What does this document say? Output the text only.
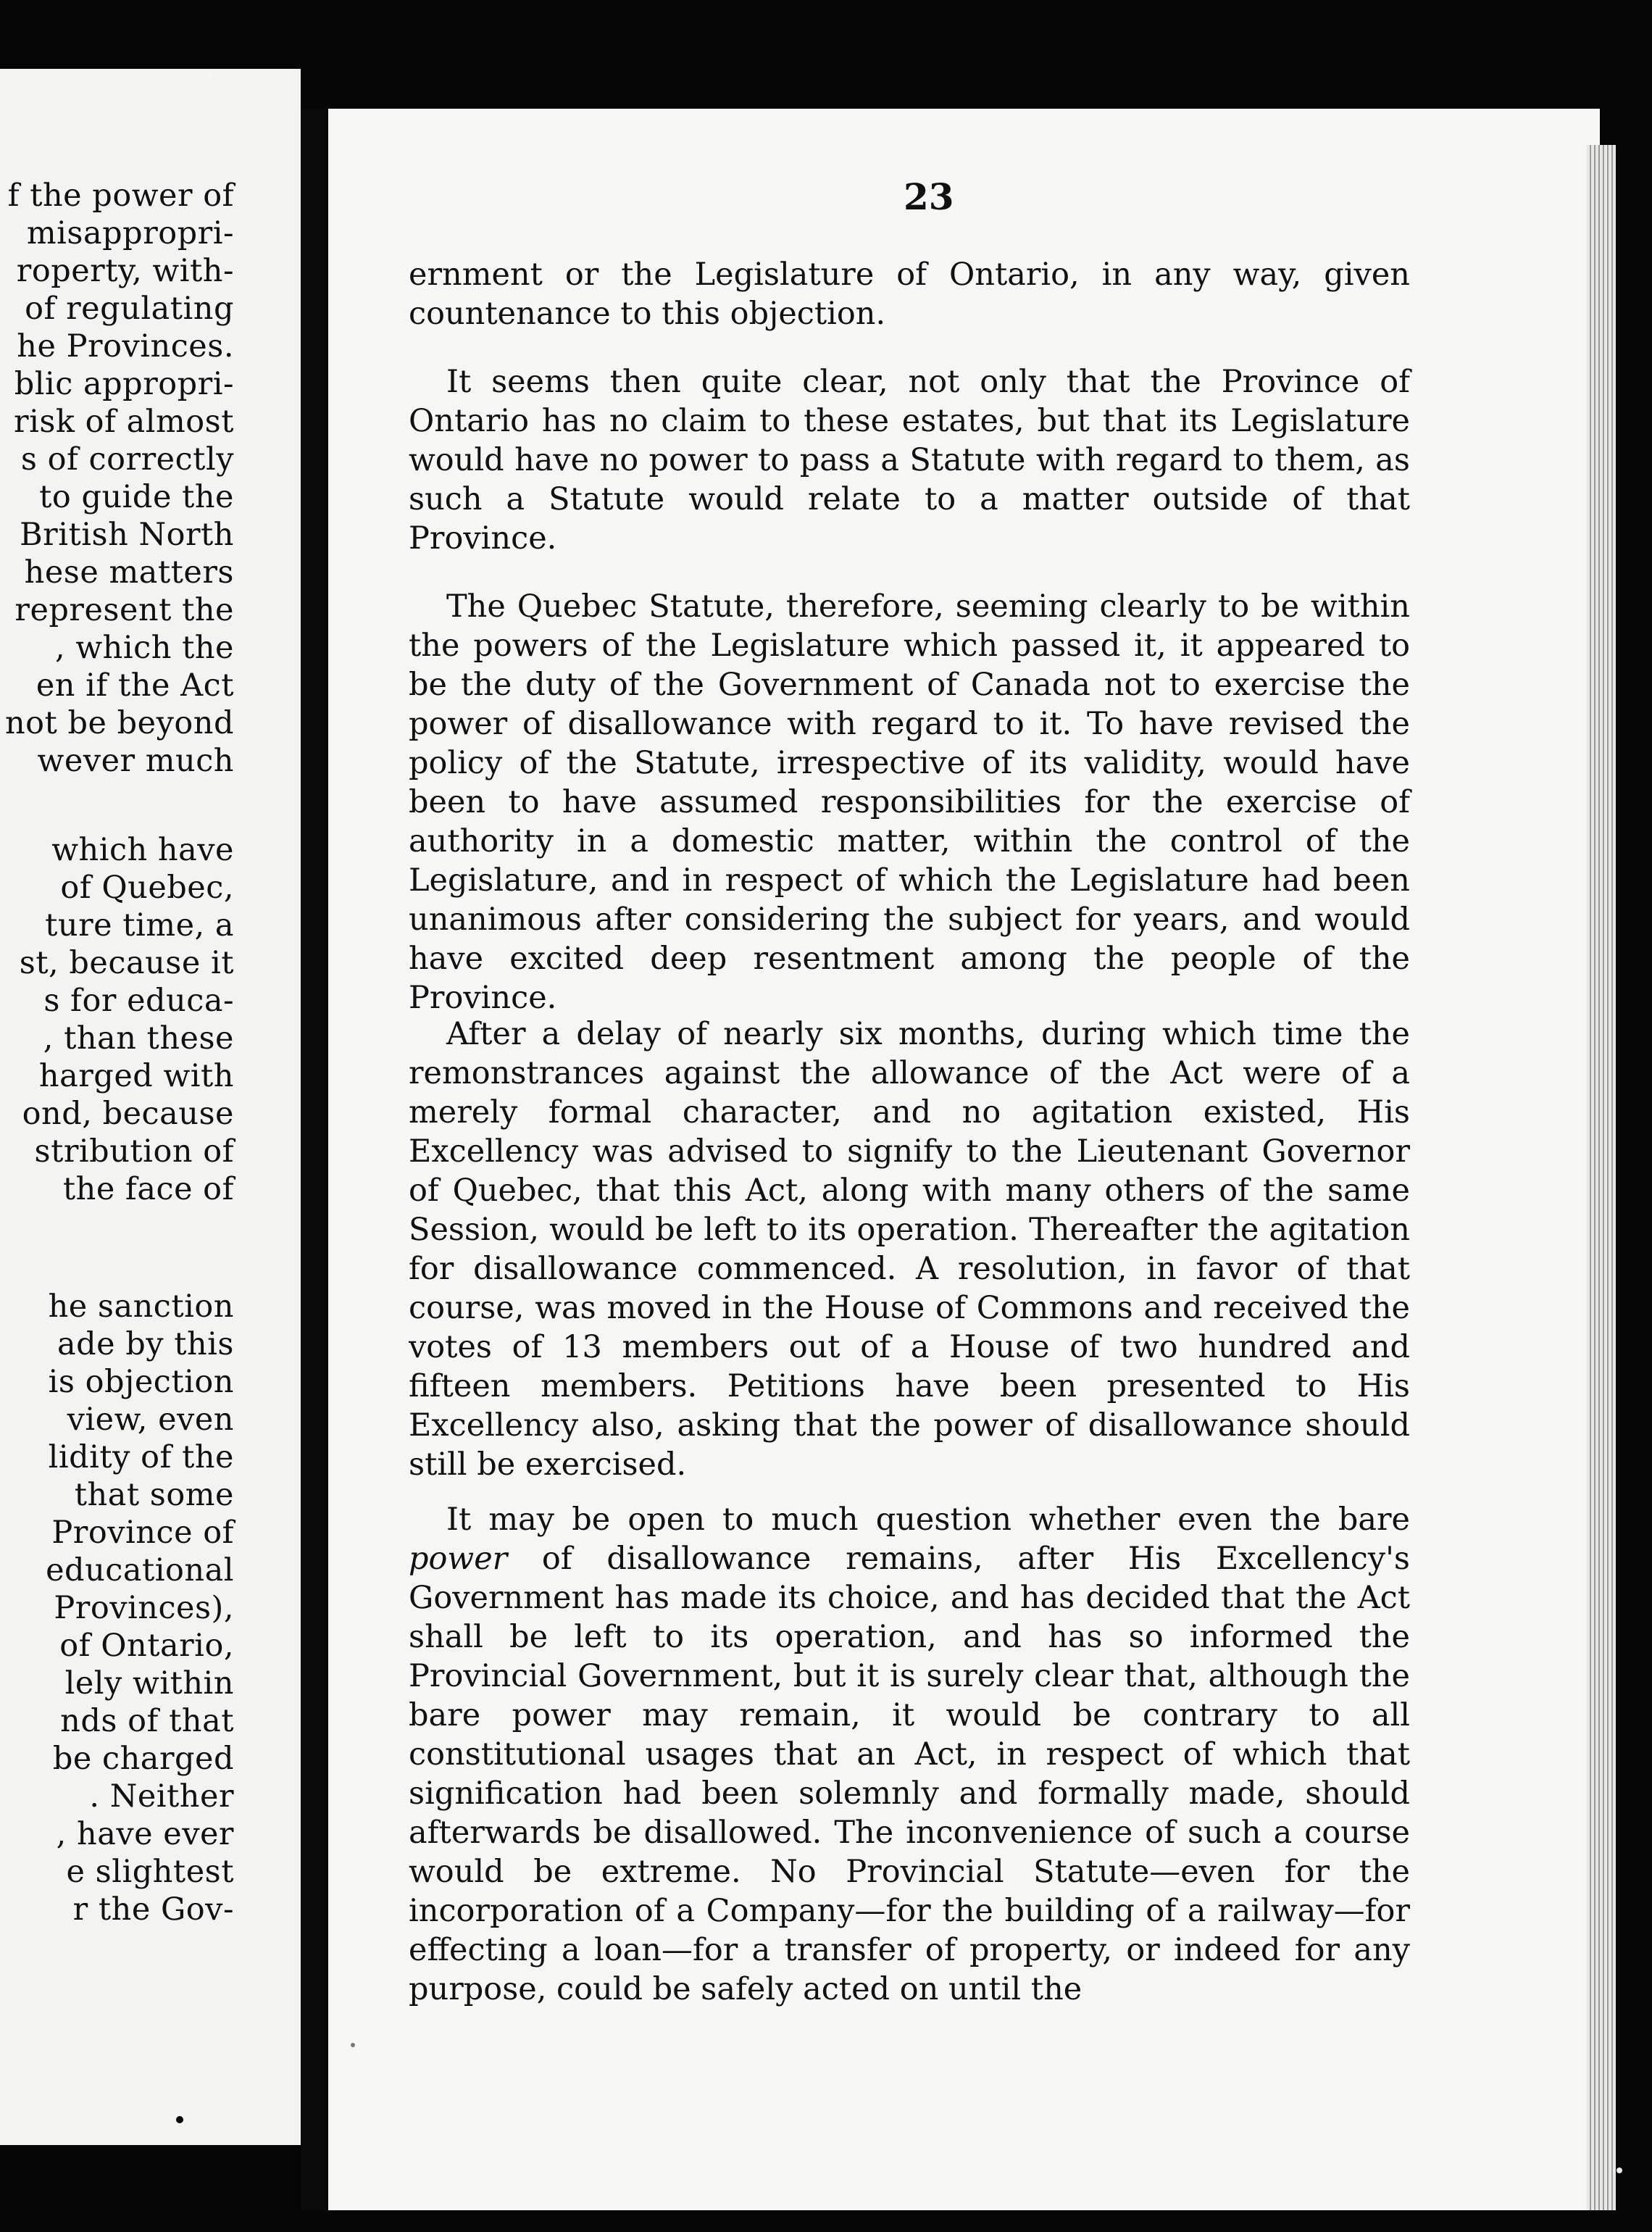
f the power of
misappropri-
roperty, with-
of regulating
he Provinces.
blic appropri-
risk of almost
s of correctly
to guide the
British North
hese matters
represent the
, which the
en if the Act
not be beyond
wever much
which have
of Quebec,
ture time, a
st, because it
s for educa-
, than these
harged with
ond, because
stribution of
the face of
he sanction
ade by this
is objection
view, even
lidity of the
that some
Province of
educational
Provinces),
of Ontario,
lely within
nds of that
be charged
. Neither
, have ever
e slightest
r the Gov-
23

ernment or the Legislature of Ontario, in any way, given countenance to this objection.

It seems then quite clear, not only that the Province of Ontario has no claim to these estates, but that its Legislature would have no power to pass a Statute with regard to them, as such a Statute would relate to a matter outside of that Province.

The Quebec Statute, therefore, seeming clearly to be within the powers of the Legislature which passed it, it appeared to be the duty of the Government of Canada not to exercise the power of disallowance with regard to it. To have revised the policy of the Statute, irrespective of its validity, would have been to have assumed responsibilities for the exercise of authority in a domestic matter, within the control of the Legislature, and in respect of which the Legislature had been unanimous after considering the subject for years, and would have excited deep resentment among the people of the Province.

After a delay of nearly six months, during which time the remonstrances against the allowance of the Act were of a merely formal character, and no agitation existed, His Excellency was advised to signify to the Lieutenant Governor of Quebec, that this Act, along with many others of the same Session, would be left to its operation. Thereafter the agitation for disallowance commenced. A resolution, in favor of that course, was moved in the House of Commons and received the votes of 13 members out of a House of two hundred and fifteen members. Petitions have been presented to His Excellency also, asking that the power of disallowance should still be exercised.

It may be open to much question whether even the bare power of disallowance remains, after His Excellency's Government has made its choice, and has decided that the Act shall be left to its operation, and has so informed the Provincial Government, but it is surely clear that, although the bare power may remain, it would be contrary to all constitutional usages that an Act, in respect of which that signification had been solemnly and formally made, should afterwards be disallowed. The inconvenience of such a course would be extreme. No Provincial Statute—even for the incorporation of a Company—for the building of a railway—for effecting a loan—for a transfer of property, or indeed for any purpose, could be safely acted on until the
